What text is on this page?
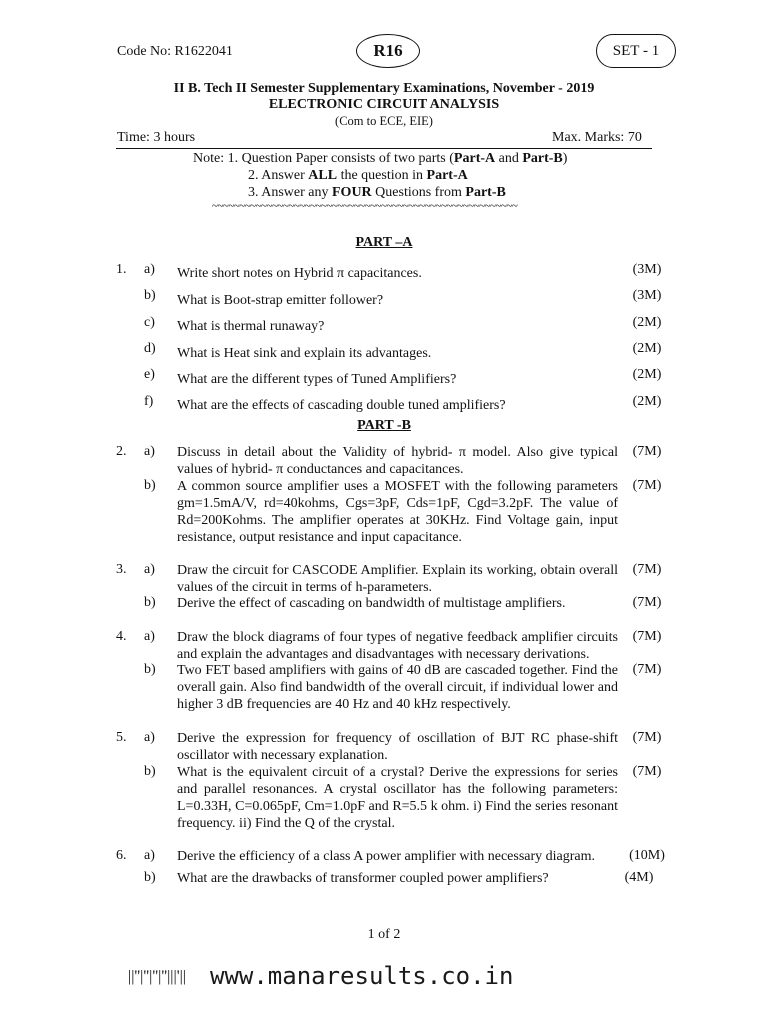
Code No: R1622041	R16	SET - 1
II B. Tech II Semester Supplementary Examinations, November - 2019
ELECTRONIC CIRCUIT ANALYSIS
(Com to ECE, EIE)
Time: 3 hours	Max. Marks: 70
Note: 1. Question Paper consists of two parts (Part-A and Part-B)
2. Answer ALL the question in Part-A
3. Answer any FOUR Questions from Part-B
~~~~~~~~~~~~~~~~~~~~~~~~~~~~~~~~~~~~~~~~~~~~~~~~~~~~~~~~
PART –A
1. a) Write short notes on Hybrid π capacitances.	(3M)
b) What is Boot-strap emitter follower?	(3M)
c) What is thermal runaway?	(2M)
d) What is Heat sink and explain its advantages.	(2M)
e) What are the different types of Tuned Amplifiers?	(2M)
f) What are the effects of cascading double tuned amplifiers?	(2M)
PART -B
2. a) Discuss in detail about the Validity of hybrid- π model. Also give typical values of hybrid- π conductances and capacitances.
(7M)
b) A common source amplifier uses a MOSFET with the following parameters gm=1.5mA/V, rd=40kohms, Cgs=3pF, Cds=1pF, Cgd=3.2pF. The value of Rd=200Kohms. The amplifier operates at 30KHz. Find Voltage gain, input resistance, output resistance and input capacitance.
(7M)
3. a) Draw the circuit for CASCODE Amplifier. Explain its working, obtain overall values of the circuit in terms of h-parameters.
(7M)
b) Derive the effect of cascading on bandwidth of multistage amplifiers.	(7M)
4. a) Draw the block diagrams of four types of negative feedback amplifier circuits and explain the advantages and disadvantages with necessary derivations.
(7M)
b) Two FET based amplifiers with gains of 40 dB are cascaded together. Find the overall gain. Also find bandwidth of the overall circuit, if individual lower and higher 3 dB frequencies are 40 Hz and 40 kHz respectively.
(7M)
5. a) Derive the expression for frequency of oscillation of BJT RC phase-shift oscillator with necessary explanation.
(7M)
b) What is the equivalent circuit of a crystal? Derive the expressions for series and parallel resonances. A crystal oscillator has the following parameters: L=0.33H, C=0.065pF, Cm=1.0pF and R=5.5 k ohm. i) Find the series resonant frequency. ii) Find the Q of the crystal.
(7M)
6. a) Derive the efficiency of a class A power amplifier with necessary diagram. (10M)
b) What are the drawbacks of transformer coupled power amplifiers?	(4M)
1 of 2
||''|''|''|''|||'|| www.manaresults.co.in
